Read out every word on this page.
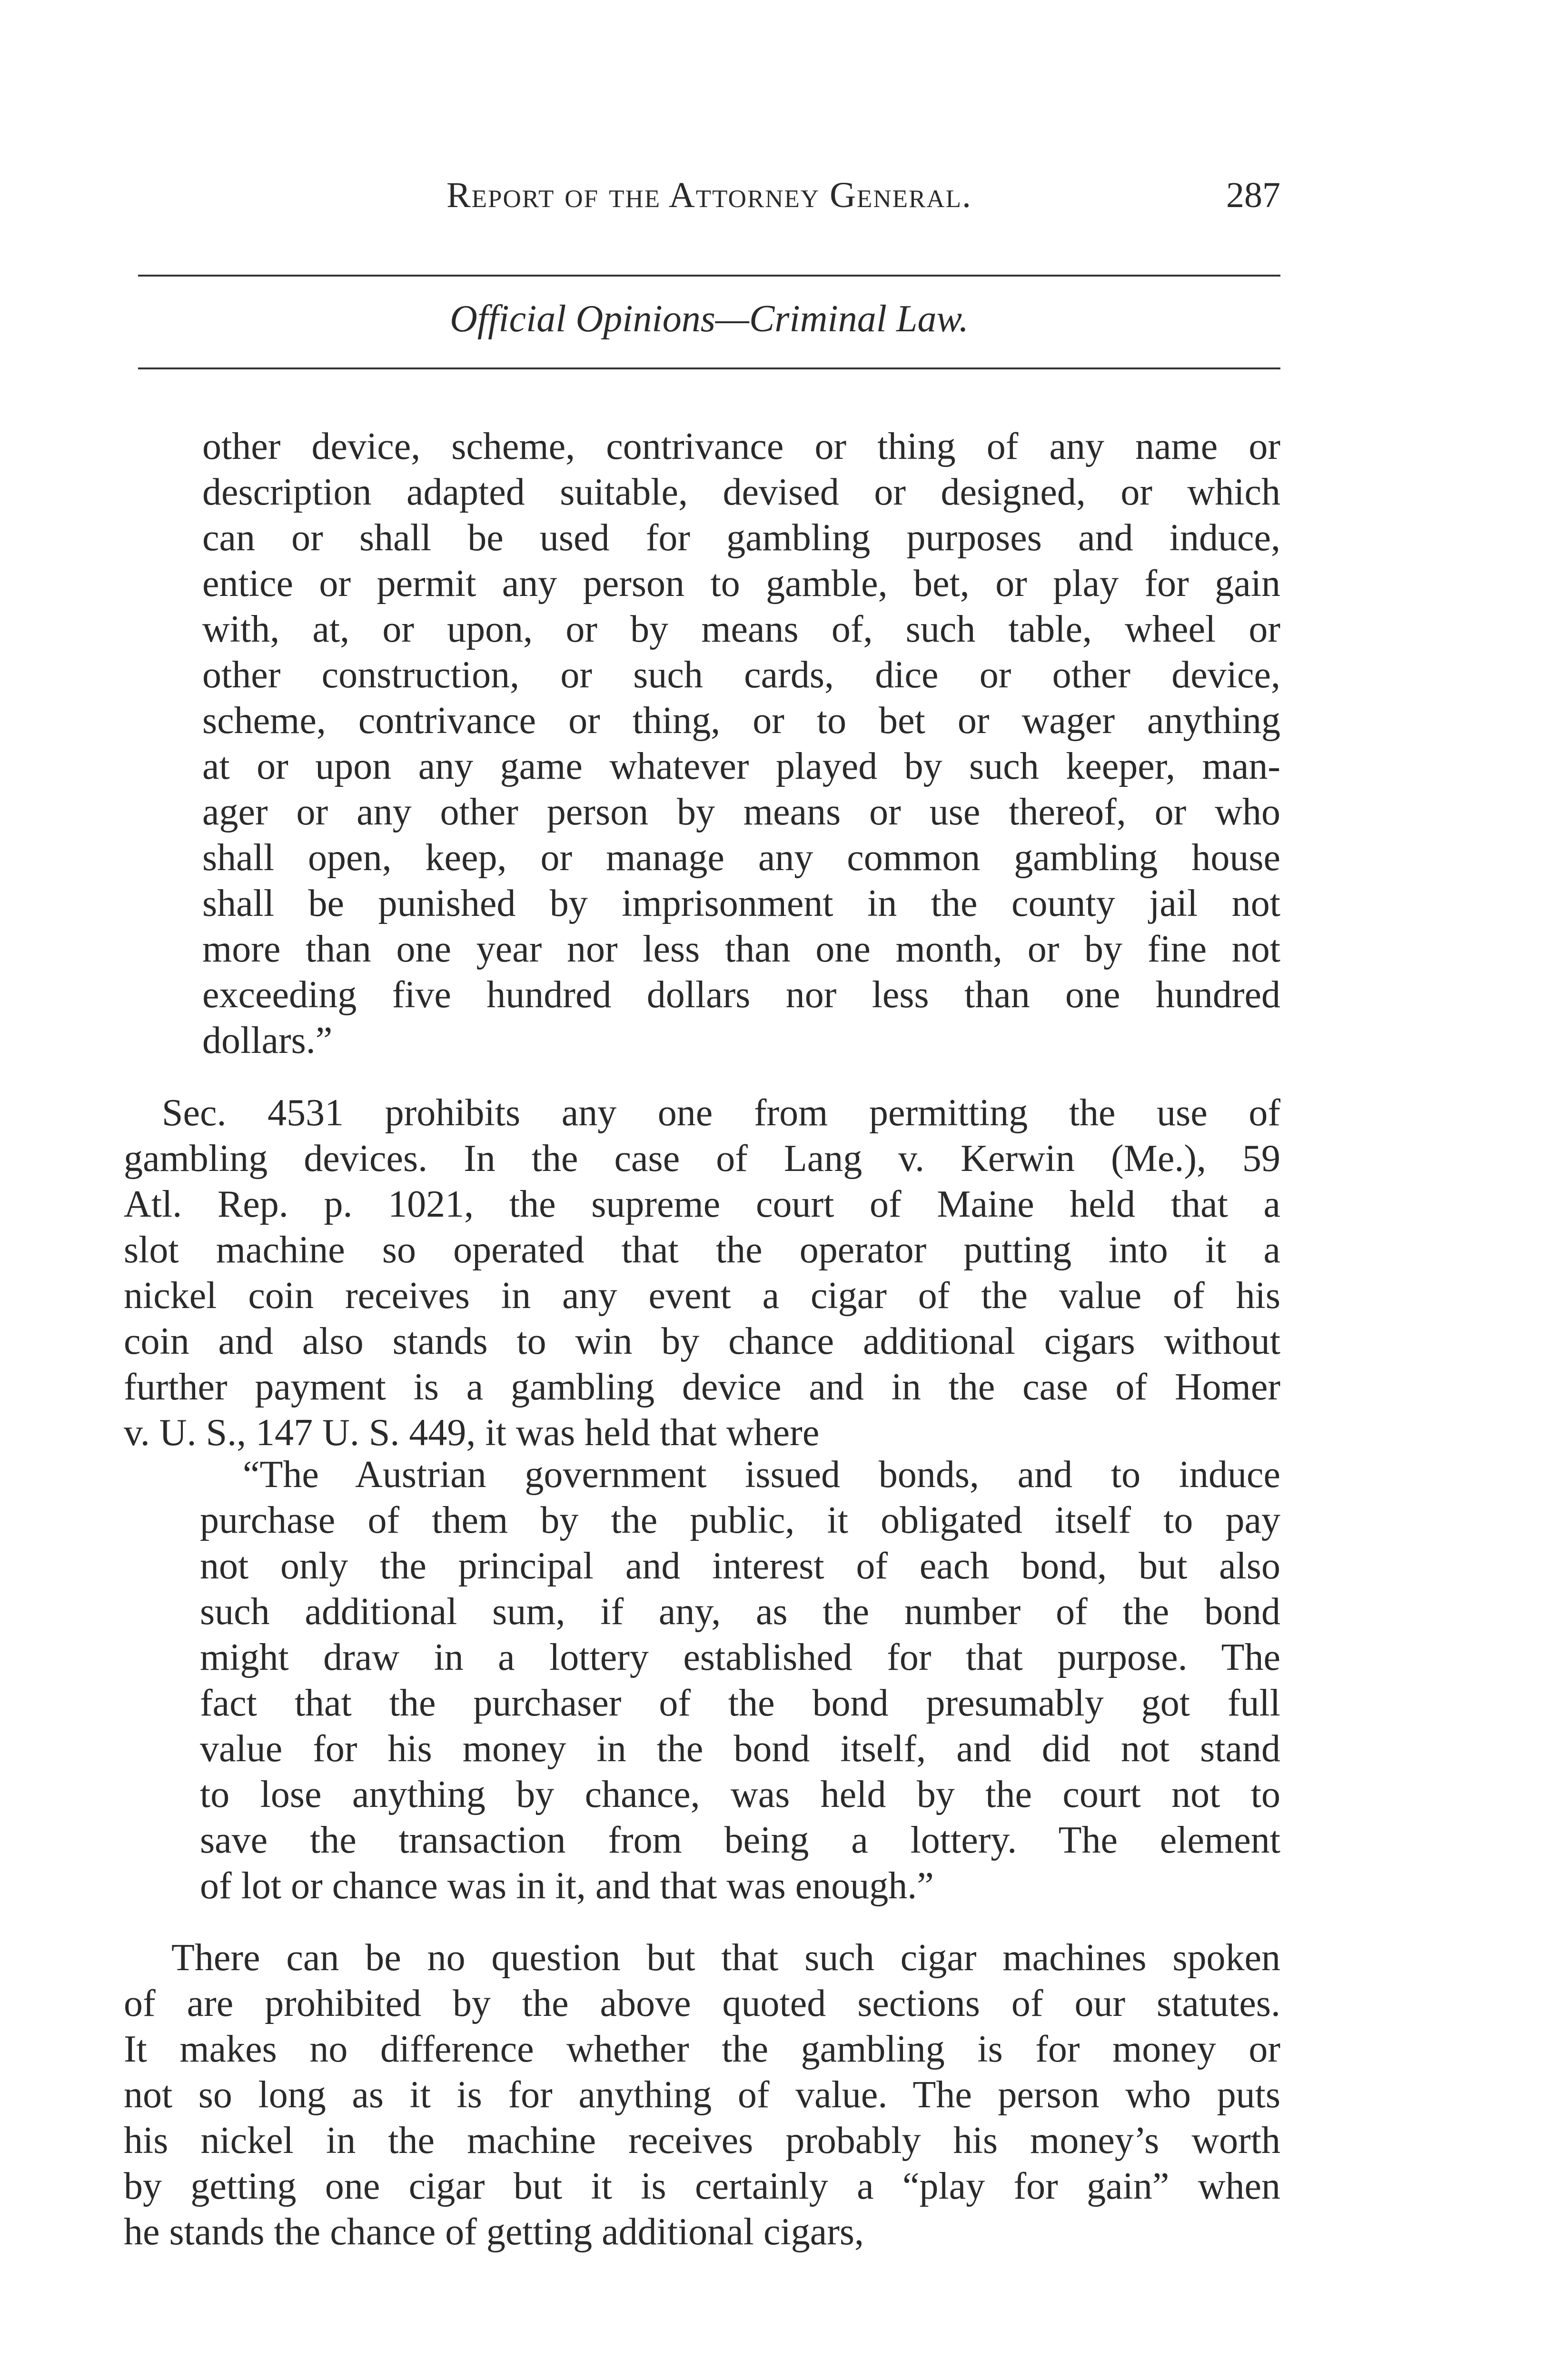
Report of the Attorney General.	287
Official Opinions—Criminal Law.
other device, scheme, contrivance or thing of any name or
description adapted suitable, devised or designed, or which
can or shall be used for gambling purposes and induce,
entice or permit any person to gamble, bet, or play for gain
with, at, or upon, or by means of, such table, wheel or
other construction, or such cards, dice or other device,
scheme, contrivance or thing, or to bet or wager anything
at or upon any game whatever played by such keeper, man-
ager or any other person by means or use thereof, or who
shall open, keep, or manage any common gambling house
shall be punished by imprisonment in the county jail not
more than one year nor less than one month, or by fine not
exceeding five hundred dollars nor less than one hundred
dollars.”
Sec. 4531 prohibits any one from permitting the use of
gambling devices. In the case of Lang v. Kerwin (Me.), 59
Atl. Rep. p. 1021, the supreme court of Maine held that a
slot machine so operated that the operator putting into it a
nickel coin receives in any event a cigar of the value of his
coin and also stands to win by chance additional cigars without
further payment is a gambling device and in the case of Homer
v. U. S., 147 U. S. 449, it was held that where
“The Austrian government issued bonds, and to induce
purchase of them by the public, it obligated itself to pay
not only the principal and interest of each bond, but also
such additional sum, if any, as the number of the bond
might draw in a lottery established for that purpose. The
fact that the purchaser of the bond presumably got full
value for his money in the bond itself, and did not stand
to lose anything by chance, was held by the court not to
save the transaction from being a lottery. The element
of lot or chance was in it, and that was enough.”
There can be no question but that such cigar machines spoken
of are prohibited by the above quoted sections of our statutes.
It makes no difference whether the gambling is for money or
not so long as it is for anything of value. The person who puts
his nickel in the machine receives probably his money’s worth
by getting one cigar but it is certainly a “play for gain” when
he stands the chance of getting additional cigars,
